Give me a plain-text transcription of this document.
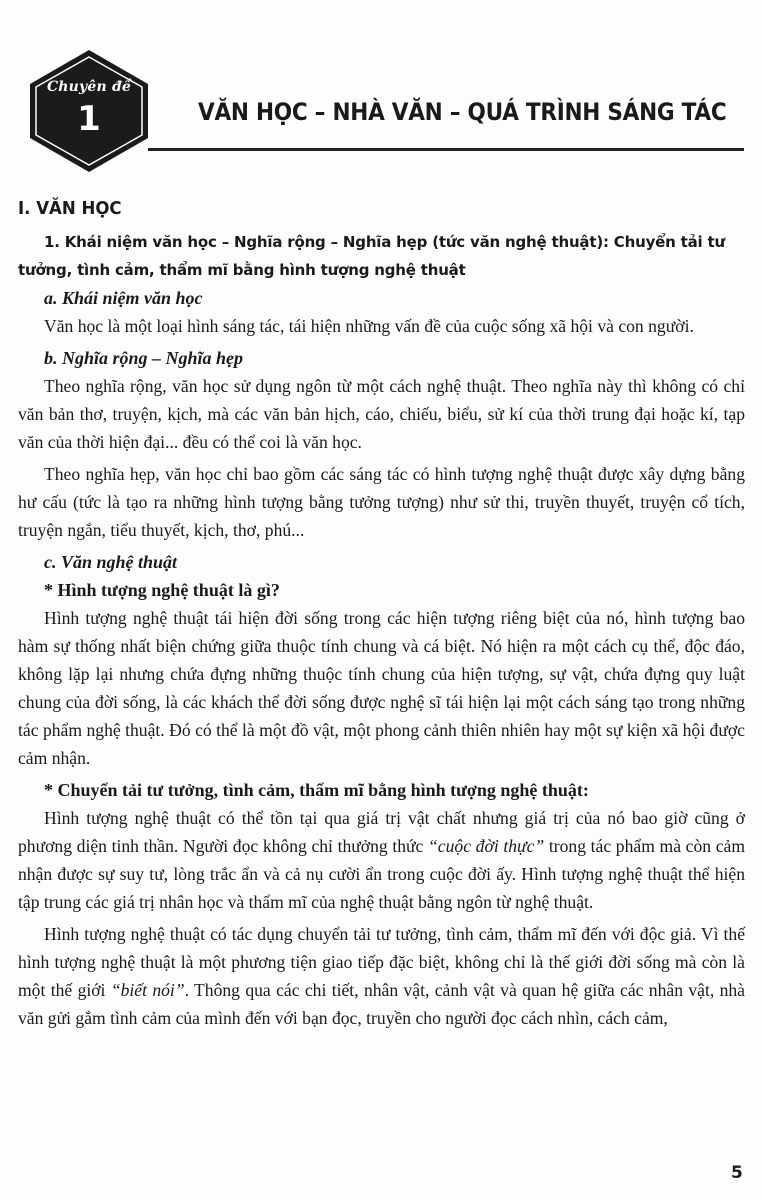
Chuyên đề
1	VĂN HỌC – NHÀ VĂN – QUÁ TRÌNH SÁNG TÁC

I. VĂN HỌC

1. Khái niệm văn học – Nghĩa rộng – Nghĩa hẹp (tức văn nghệ thuật): Chuyển tải tư tưởng, tình cảm, thẩm mĩ bằng hình tượng nghệ thuật

a. Khái niệm văn học

Văn học là một loại hình sáng tác, tái hiện những vấn đề của cuộc sống xã hội và con người.

b. Nghĩa rộng – Nghĩa hẹp

Theo nghĩa rộng, văn học sử dụng ngôn từ một cách nghệ thuật. Theo nghĩa này thì không có chỉ văn bản thơ, truyện, kịch, mà các văn bản hịch, cáo, chiếu, biểu, sử kí của thời trung đại hoặc kí, tạp văn của thời hiện đại... đều có thể coi là văn học.

Theo nghĩa hẹp, văn học chỉ bao gồm các sáng tác có hình tượng nghệ thuật được xây dựng bằng hư cấu (tức là tạo ra những hình tượng bằng tưởng tượng) như sử thi, truyền thuyết, truyện cổ tích, truyện ngắn, tiểu thuyết, kịch, thơ, phú...

c. Văn nghệ thuật

* Hình tượng nghệ thuật là gì?

Hình tượng nghệ thuật tái hiện đời sống trong các hiện tượng riêng biệt của nó, hình tượng bao hàm sự thống nhất biện chứng giữa thuộc tính chung và cá biệt. Nó hiện ra một cách cụ thể, độc đáo, không lặp lại nhưng chứa đựng những thuộc tính chung của hiện tượng, sự vật, chứa đựng quy luật chung của đời sống, là các khách thể đời sống được nghệ sĩ tái hiện lại một cách sáng tạo trong những tác phẩm nghệ thuật. Đó có thể là một đồ vật, một phong cảnh thiên nhiên hay một sự kiện xã hội được cảm nhận.

* Chuyển tải tư tưởng, tình cảm, thẩm mĩ bằng hình tượng nghệ thuật:

Hình tượng nghệ thuật có thể tồn tại qua giá trị vật chất nhưng giá trị của nó bao giờ cũng ở phương diện tinh thần. Người đọc không chỉ thưởng thức “cuộc đời thực” trong tác phẩm mà còn cảm nhận được sự suy tư, lòng trắc ẩn và cả nụ cười ẩn trong cuộc đời ấy. Hình tượng nghệ thuật thể hiện tập trung các giá trị nhân học và thẩm mĩ của nghệ thuật bằng ngôn từ nghệ thuật.

Hình tượng nghệ thuật có tác dụng chuyển tải tư tưởng, tình cảm, thẩm mĩ đến với độc giả. Vì thế hình tượng nghệ thuật là một phương tiện giao tiếp đặc biệt, không chỉ là thế giới đời sống mà còn là một thế giới “biết nói”. Thông qua các chi tiết, nhân vật, cảnh vật và quan hệ giữa các nhân vật, nhà văn gửi gắm tình cảm của mình đến với bạn đọc, truyền cho người đọc cách nhìn, cách cảm,

5
